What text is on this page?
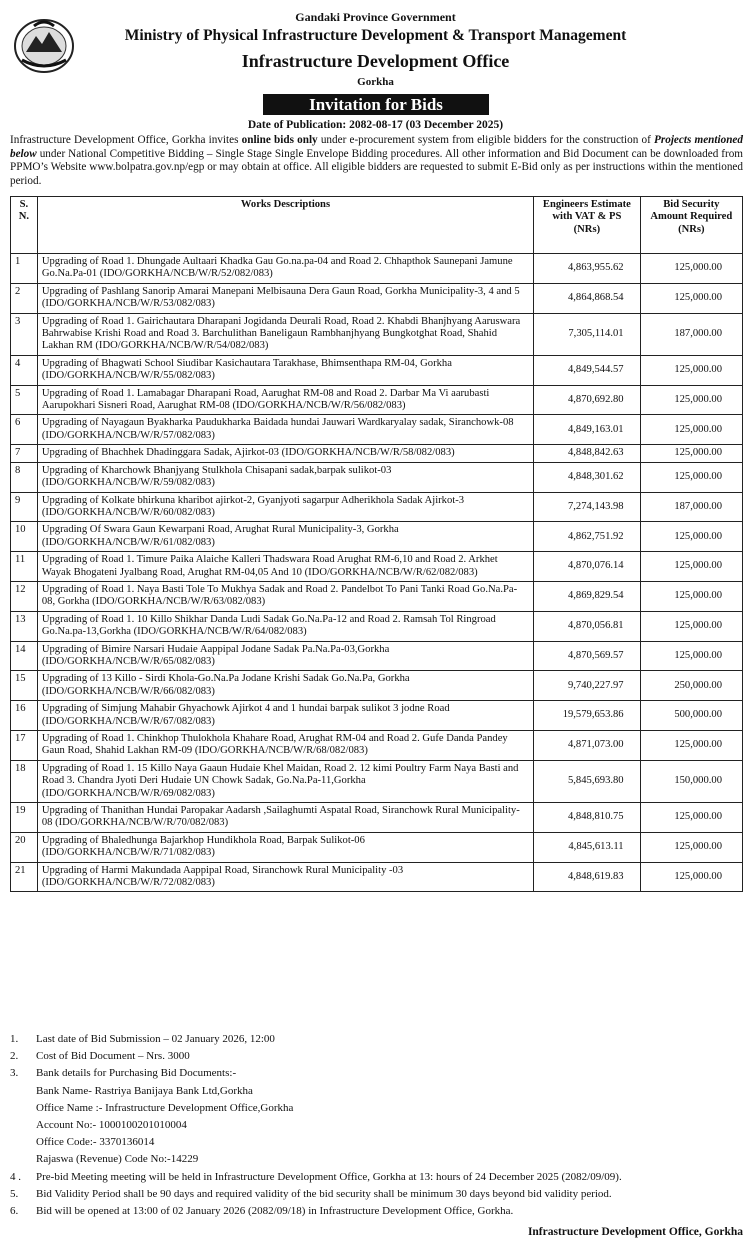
Gandaki Province Government
Ministry of Physical Infrastructure Development & Transport Management
Infrastructure Development Office
Gorkha
Invitation for Bids
Date of Publication: 2082-08-17 (03 December 2025)
Infrastructure Development Office, Gorkha invites online bids only under e-procurement system from eligible bidders for the construction of Projects mentioned below under National Competitive Bidding – Single Stage Single Envelope Bidding procedures. All other information and Bid Document can be downloaded from PPMO’s Website www.bolpatra.gov.np/egp or may obtain at office. All eligible bidders are requested to submit E-Bid only as per instructions within the mentioned period.
S. N.	Works Descriptions	Engineers Estimate with VAT & PS (NRs)	Bid Security Amount Required (NRs)
1	Upgrading of Road 1. Dhungade Aultaari Khadka Gau Go.na.pa-04 and Road 2. Chhapthok Saunepani Jamune Go.Na.Pa-01 (IDO/GORKHA/NCB/W/R/52/082/083)	4,863,955.62	125,000.00
2	Upgrading of Pashlang Sanorip Amarai Manepani Melbisauna Dera Gaun Road, Gorkha Municipality-3, 4 and 5 (IDO/GORKHA/NCB/W/R/53/082/083)	4,864,868.54	125,000.00
3	Upgrading of Road 1. Gairichautara Dharapani Jogidanda Deurali Road, Road 2. Khabdi Bhanjhyang Aaruswara Bahrwabise Krishi Road and Road 3. Barchulithan Baneligaun Rambhanjhyang Bungkotghat Road, Shahid Lakhan RM (IDO/GORKHA/NCB/W/R/54/082/083)	7,305,114.01	187,000.00
4	Upgrading of Bhagwati School Siudibar Kasichautara Tarakhase, Bhimsenthapa RM-04, Gorkha (IDO/GORKHA/NCB/W/R/55/082/083)	4,849,544.57	125,000.00
5	Upgrading of Road 1. Lamabagar Dharapani Road, Aarughat RM-08 and Road 2. Darbar Ma Vi aarubasti Aarupokhari Sisneri Road, Aarughat RM-08 (IDO/GORKHA/NCB/W/R/56/082/083)	4,870,692.80	125,000.00
6	Upgrading of Nayagaun Byakharka Paudukharka Baidada hundai Jauwari Wardkaryalay sadak, Siranchowk-08 (IDO/GORKHA/NCB/W/R/57/082/083)	4,849,163.01	125,000.00
7	Upgrading of Bhachhek Dhadinggara Sadak, Ajirkot-03 (IDO/GORKHA/NCB/W/R/58/082/083)	4,848,842.63	125,000.00
8	Upgrading of Kharchowk Bhanjyang Stulkhola Chisapani sadak,barpak sulikot-03 (IDO/GORKHA/NCB/W/R/59/082/083)	4,848,301.62	125,000.00
9	Upgrading of Kolkate bhirkuna kharibot ajirkot-2, Gyanjyoti sagarpur Adherikhola Sadak Ajirkot-3 (IDO/GORKHA/NCB/W/R/60/082/083)	7,274,143.98	187,000.00
10	Upgrading Of Swara Gaun Kewarpani Road, Arughat Rural Municipality-3, Gorkha (IDO/GORKHA/NCB/W/R/61/082/083)	4,862,751.92	125,000.00
11	Upgrading of Road 1. Timure Paika Alaiche Kalleri Thadswara Road Arughat RM-6,10 and Road 2. Arkhet Wayak Bhogateni Jyalbang Road, Arughat RM-04,05 And 10 (IDO/GORKHA/NCB/W/R/62/082/083)	4,870,076.14	125,000.00
12	Upgrading of Road 1. Naya Basti Tole To Mukhya Sadak and Road 2. Pandelbot To Pani Tanki Road Go.Na.Pa-08, Gorkha (IDO/GORKHA/NCB/W/R/63/082/083)	4,869,829.54	125,000.00
13	Upgrading of Road 1. 10 Killo Shikhar Danda Ludi Sadak Go.Na.Pa-12 and Road 2. Ramsah Tol Ringroad Go.Na.pa-13,Gorkha (IDO/GORKHA/NCB/W/R/64/082/083)	4,870,056.81	125,000.00
14	Upgrading of Bimire Narsari Hudaie Aappipal Jodane Sadak Pa.Na.Pa-03,Gorkha (IDO/GORKHA/NCB/W/R/65/082/083)	4,870,569.57	125,000.00
15	Upgrading of 13 Killo - Sirdi Khola-Go.Na.Pa Jodane Krishi Sadak Go.Na.Pa, Gorkha (IDO/GORKHA/NCB/W/R/66/082/083)	9,740,227.97	250,000.00
16	Upgrading of Simjung Mahabir Ghyachowk Ajirkot 4 and 1 hundai barpak sulikot 3 jodne Road (IDO/GORKHA/NCB/W/R/67/082/083)	19,579,653.86	500,000.00
17	Upgrading of Road 1. Chinkhop Thulokhola Khahare Road, Arughat RM-04 and Road 2. Gufe Danda Pandey Gaun Road, Shahid Lakhan RM-09 (IDO/GORKHA/NCB/W/R/68/082/083)	4,871,073.00	125,000.00
18	Upgrading of Road 1. 15 Killo Naya Gaaun Hudaie Khel Maidan, Road 2. 12 kimi Poultry Farm Naya Basti and Road 3. Chandra Jyoti Deri Hudaie UN Chowk Sadak, Go.Na.Pa-11,Gorkha (IDO/GORKHA/NCB/W/R/69/082/083)	5,845,693.80	150,000.00
19	Upgrading of Thanithan Hundai Paropakar Aadarsh ,Sailaghumti Aspatal Road, Siranchowk Rural Municipality-08 (IDO/GORKHA/NCB/W/R/70/082/083)	4,848,810.75	125,000.00
20	Upgrading of Bhaledhunga Bajarkhop Hundikhola Road, Barpak Sulikot-06 (IDO/GORKHA/NCB/W/R/71/082/083)	4,845,613.11	125,000.00
21	Upgrading of Harmi Makundada Aappipal Road, Siranchowk Rural Municipality -03 (IDO/GORKHA/NCB/W/R/72/082/083)	4,848,619.83	125,000.00
1.	Last date of Bid Submission – 02 January 2026, 12:00
2.	Cost of Bid Document – Nrs. 3000
3.	Bank details for Purchasing Bid Documents:-
Bank Name- Rastriya Banijaya Bank Ltd,Gorkha
Office Name :- Infrastructure Development Office,Gorkha
Account No:- 1000100201010004
Office Code:- 3370136014
Rajaswa (Revenue) Code No:-14229
4 .	Pre-bid Meeting meeting will be held in Infrastructure Development Office, Gorkha at 13: hours of 24 December 2025 (2082/09/09).
5.	Bid Validity Period shall be 90 days and required validity of the bid security shall be minimum 30 days beyond bid validity period.
6.	Bid will be opened at 13:00 of 02 January 2026 (2082/09/18) in Infrastructure Development Office, Gorkha.
Infrastructure Development Office, Gorkha
